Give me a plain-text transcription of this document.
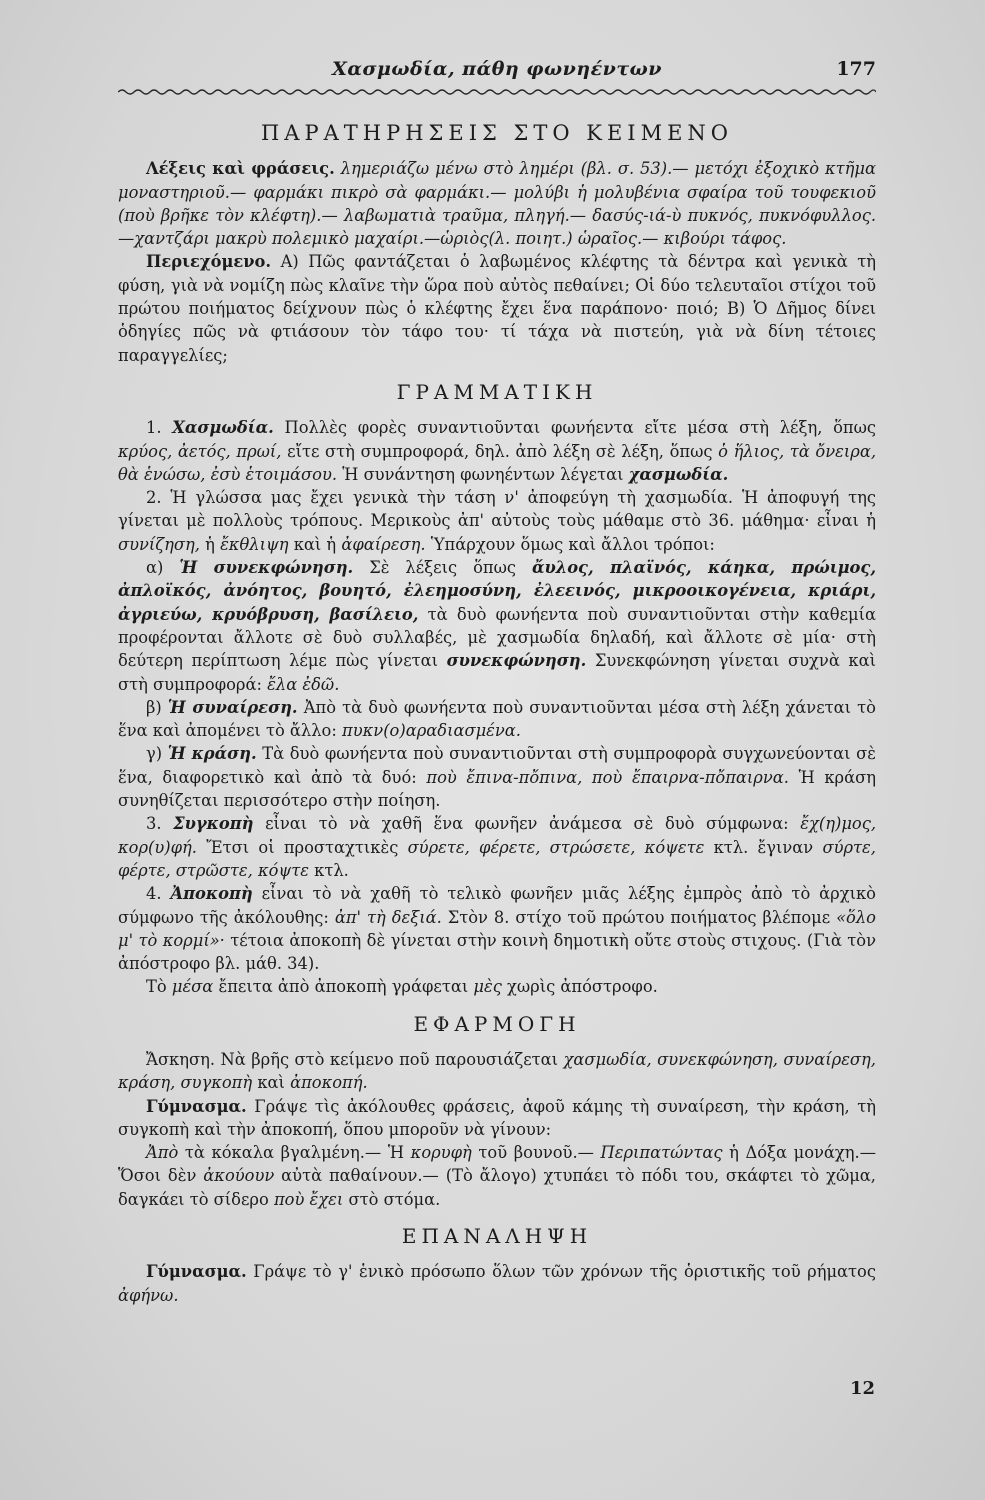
Χασμωδία, πάθη φωνηέντων	177
ΠΑΡΑΤΗΡΗΣΕΙΣ ΣΤΟ ΚΕΙΜΕΝΟ

Λέξεις καὶ φράσεις. λημεριάζω μένω στὸ λημέρι (βλ. σ. 53).— μετόχι ἐξοχικὸ κτῆμα μοναστηριοῦ.— φαρμάκι πικρὸ σὰ φαρμάκι.— μολύβι ἡ μολυβένια σφαίρα τοῦ τουφεκιοῦ (ποὺ βρῆκε τὸν κλέφτη).— λαβωματιὰ τραῦμα, πληγή.— δασύς-ιά-ὺ πυκνός, πυκνόφυλλος.—χαντζάρι μακρὺ πολεμικὸ μαχαίρι.—ὡριὸς(λ. ποιητ.) ὡραῖος.— κιβούρι τάφος.

Περιεχόμενο. Α) Πῶς φαντάζεται ὁ λαβωμένος κλέφτης τὰ δέντρα καὶ γενικὰ τὴ φύση, γιὰ νὰ νομίζη πὼς κλαῖνε τὴν ὥρα ποὺ αὐτὸς πεθαίνει; Οἱ δύο τελευταῖοι στίχοι τοῦ πρώτου ποιήματος δείχνουν πὼς ὁ κλέφτης ἔχει ἕνα παράπονο· ποιό; Β) Ὁ Δῆμος δίνει ὁδηγίες πῶς νὰ φτιάσουν τὸν τάφο του· τί τάχα νὰ πιστεύη, γιὰ νὰ δίνη τέτοιες παραγγελίες;

ΓΡΑΜΜΑΤΙΚΗ

1. Χασμωδία. Πολλὲς φορὲς συναντιοῦνται φωνήεντα εἴτε μέσα στὴ λέξη, ὅπως κρύος, ἀετός, πρωί, εἴτε στὴ συμπροφορά, δηλ. ἀπὸ λέξη σὲ λέξη, ὅπως ὁ ἥλιος, τὰ ὄνειρα, θὰ ἑνώσω, ἐσὺ ἑτοιμάσου. Ἡ συνάντηση φωνηέντων λέγεται χασμωδία.

2. Ἡ γλώσσα μας ἔχει γενικὰ τὴν τάση ν' ἀποφεύγη τὴ χασμωδία. Ἡ ἀποφυγή της γίνεται μὲ πολλοὺς τρόπους. Μερικοὺς ἀπ' αὐτοὺς τοὺς μάθαμε στὸ 36. μάθημα· εἶναι ἡ συνίζηση, ἡ ἔκθλιψη καὶ ἡ ἀφαίρεση. Ὑπάρχουν ὅμως καὶ ἄλλοι τρόποι:

α) Ἡ συνεκφώνηση. Σὲ λέξεις ὅπως ἄυλος, πλαϊνός, κάηκα, πρώιμος, ἀπλοϊκός, ἀνόητος, βουητό, ἐλεημοσύνη, ἐλεεινός, μικροοικογένεια, κριάρι, ἀγριεύω, κρυόβρυση, βασίλειο, τὰ δυὸ φωνήεντα ποὺ συναντιοῦνται στὴν καθεμία προφέρονται ἄλλοτε σὲ δυὸ συλλαβές, μὲ χασμωδία δηλαδή, καὶ ἄλλοτε σὲ μία· στὴ δεύτερη περίπτωση λέμε πὼς γίνεται συνεκφώνηση. Συνεκφώνηση γίνεται συχνὰ καὶ στὴ συμπροφορά: ἔλα ἐδῶ.

β) Ἡ συναίρεση. Ἀπὸ τὰ δυὸ φωνήεντα ποὺ συναντιοῦνται μέσα στὴ λέξη χάνεται τὸ ἕνα καὶ ἀπομένει τὸ ἄλλο: πυκν(ο)αραδιασμένα.

γ) Ἡ κράση. Τὰ δυὸ φωνήεντα ποὺ συναντιοῦνται στὴ συμπροφορὰ συγχωνεύονται σὲ ἕνα, διαφορετικὸ καὶ ἀπὸ τὰ δυό: ποὺ ἔπινα-πὄπινα, ποὺ ἔπαιρνα-πὄπαιρνα. Ἡ κράση συνηθίζεται περισσότερο στὴν ποίηση.

3. Συγκοπὴ εἶναι τὸ νὰ χαθῆ ἕνα φωνῆεν ἀνάμεσα σὲ δυὸ σύμφωνα: ἔχ(η)μος, κορ(υ)φή. Ἔτσι οἱ προσταχτικὲς σύρετε, φέρετε, στρώσετε, κόψετε κτλ. ἔγιναν σύρτε, φέρτε, στρῶστε, κόψτε κτλ.

4. Ἀποκοπὴ εἶναι τὸ νὰ χαθῆ τὸ τελικὸ φωνῆεν μιᾶς λέξης ἐμπρὸς ἀπὸ τὸ ἀρχικὸ σύμφωνο τῆς ἀκόλουθης: ἀπ' τὴ δεξιά. Στὸν 8. στίχο τοῦ πρώτου ποιήματος βλέπομε «ὅλο μ' τὸ κορμί»· τέτοια ἀποκοπὴ δὲ γίνεται στὴν κοινὴ δημοτικὴ οὔτε στοὺς στιχους. (Γιὰ τὸν ἀπόστροφο βλ. μάθ. 34).

Τὸ μέσα ἔπειτα ἀπὸ ἀποκοπὴ γράφεται μὲς χωρὶς ἀπόστροφο.

ΕΦΑΡΜΟΓΗ

Ἄσκηση. Νὰ βρῆς στὸ κείμενο ποῦ παρουσιάζεται χασμωδία, συνεκφώνηση, συναίρεση, κράση, συγκοπὴ καὶ ἀποκοπή.

Γύμνασμα. Γράψε τὶς ἀκόλουθες φράσεις, ἀφοῦ κάμης τὴ συναίρεση, τὴν κράση, τὴ συγκοπὴ καὶ τὴν ἀποκοπή, ὅπου μποροῦν νὰ γίνουν:

Ἀπὸ τὰ κόκαλα βγαλμένη.— Ἡ κορυφὴ τοῦ βουνοῦ.— Περιπατώντας ἡ Δόξα μονάχη.—Ὅσοι δὲν ἀκούουν αὐτὰ παθαίνουν.— (Τὸ ἄλογο) χτυπάει τὸ πόδι του, σκάφτει τὸ χῶμα, δαγκάει τὸ σίδερο ποὺ ἔχει στὸ στόμα.

ΕΠΑΝΑΛΗΨΗ

Γύμνασμα. Γράψε τὸ γ' ἑνικὸ πρόσωπο ὅλων τῶν χρόνων τῆς ὁριστικῆς τοῦ ρήματος ἀφήνω.

12
